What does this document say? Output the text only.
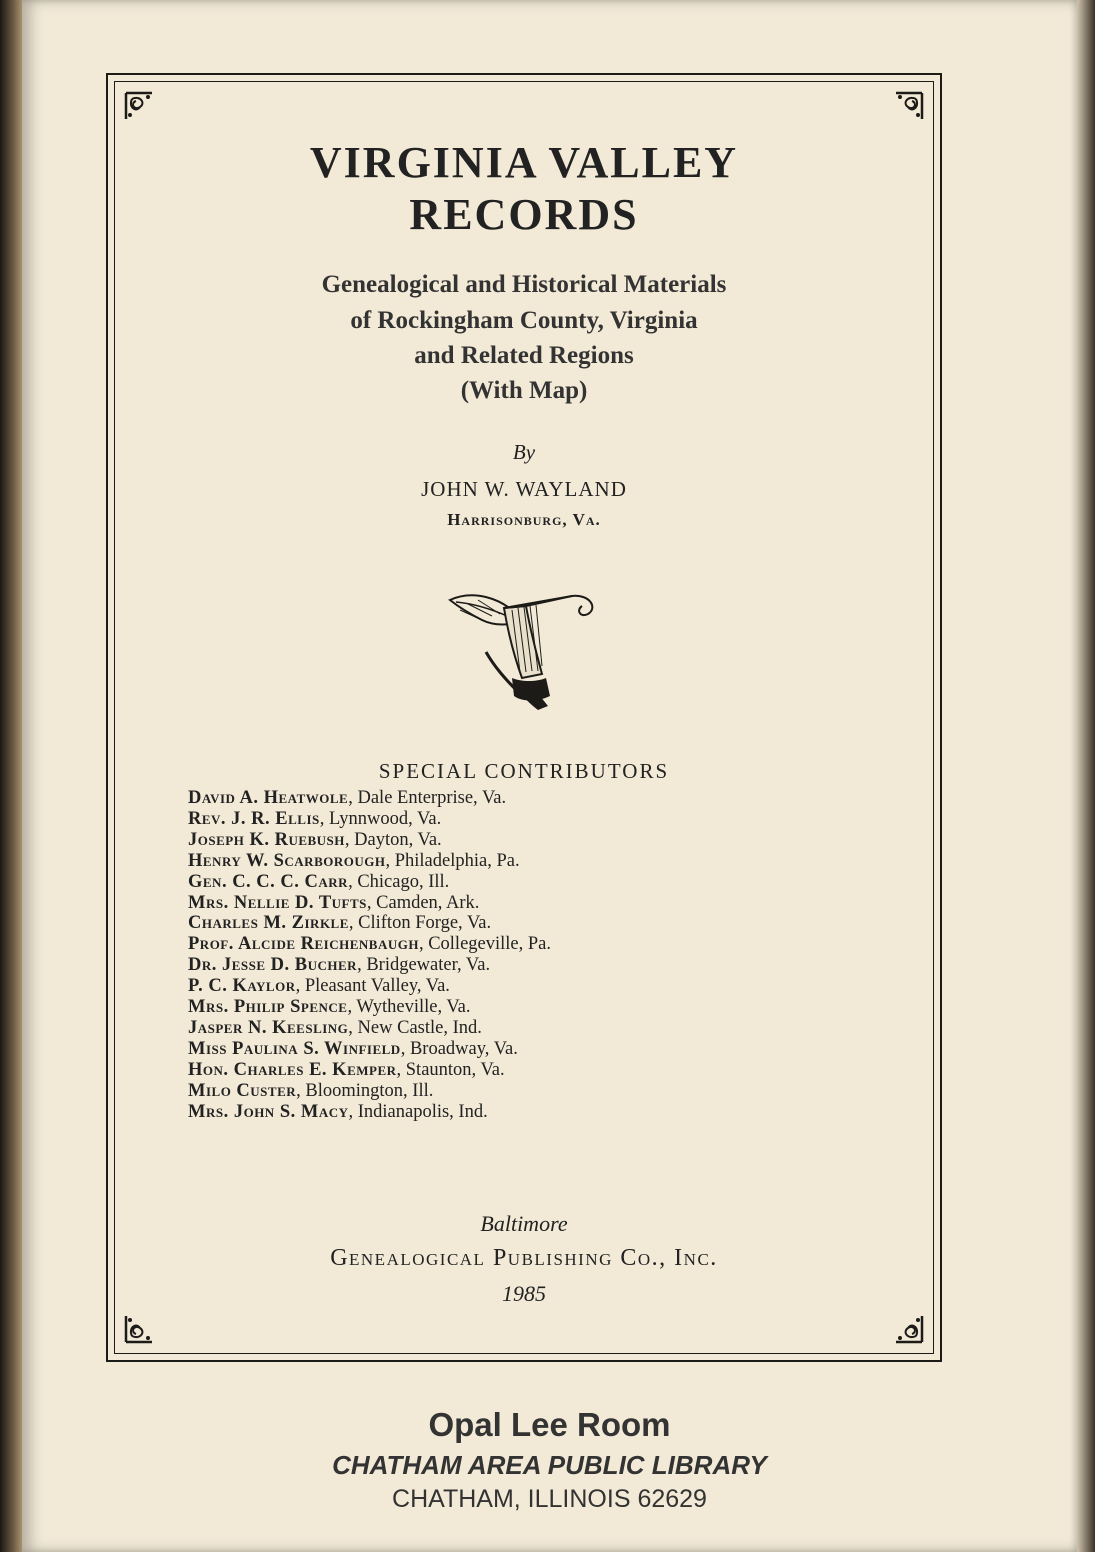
VIRGINIA VALLEY
RECORDS
Genealogical and Historical Materials
of Rockingham County, Virginia
and Related Regions
(With Map)
By
JOHN W. WAYLAND
Harrisonburg, Va.
SPECIAL CONTRIBUTORS
Baltimore
Genealogical Publishing Co., Inc.
1985
David A. Heatwole, Dale Enterprise, Va.
Rev. J. R. Ellis, Lynnwood, Va.
Joseph K. Ruebush, Dayton, Va.
Henry W. Scarborough, Philadelphia, Pa.
Gen. C. C. C. Carr, Chicago, Ill.
Mrs. Nellie D. Tufts, Camden, Ark.
Charles M. Zirkle, Clifton Forge, Va.
Prof. Alcide Reichenbaugh, Collegeville, Pa.
Dr. Jesse D. Bucher, Bridgewater, Va.
P. C. Kaylor, Pleasant Valley, Va.
Mrs. Philip Spence, Wytheville, Va.
Jasper N. Keesling, New Castle, Ind.
Miss Paulina S. Winfield, Broadway, Va.
Hon. Charles E. Kemper, Staunton, Va.
Milo Custer, Bloomington, Ill.
Mrs. John S. Macy, Indianapolis, Ind.
Opal Lee Room
CHATHAM AREA PUBLIC LIBRARY
CHATHAM, ILLINOIS 62629
